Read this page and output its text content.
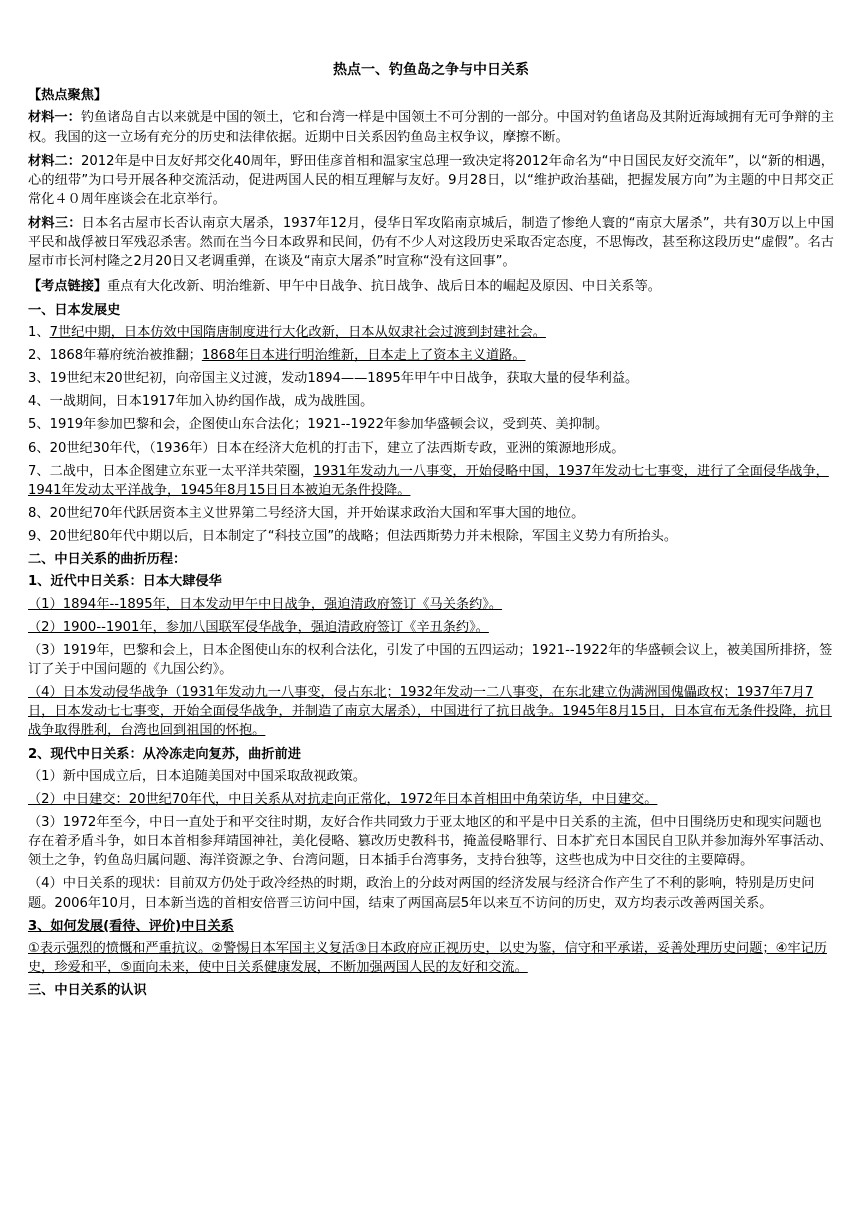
热点一、钓鱼岛之争与中日关系
【热点聚焦】

材料一：钓鱼诸岛自古以来就是中国的领土，它和台湾一样是中国领土不可分割的一部分。中国对钓鱼诸岛及其附近海域拥有无可争辩的主权。我国的这一立场有充分的历史和法律依据。近期中日关系因钓鱼岛主权争议，摩擦不断。

材料二：2012年是中日友好邦交化40周年，野田佳彦首相和温家宝总理一致决定将2012年命名为“中日国民友好交流年”，以“新的相遇，心的纽带”为口号开展各种交流活动，促进两国人民的相互理解与友好。9月28日，以“维护政治基础，把握发展方向”为主题的中日邦交正常化４０周年座谈会在北京举行。

材料三：日本名古屋市长否认南京大屠杀，1937年12月，侵华日军攻陷南京城后，制造了惨绝人寰的“南京大屠杀”，共有30万以上中国平民和战俘被日军残忍杀害。然而在当今日本政界和民间，仍有不少人对这段历史采取否定态度，不思悔改，甚至称这段历史“虚假”。名古屋市市长河村隆之2月20日又老调重弹，在谈及“南京大屠杀”时宣称“没有这回事”。

【考点链接】重点有大化改新、明治维新、甲午中日战争、抗日战争、战后日本的崛起及原因、中日关系等。

一、日本发展史
1、7世纪中期，日本仿效中国隋唐制度进行大化改新，日本从奴隶社会过渡到封建社会。
2、1868年幕府统治被推翻；1868年日本进行明治维新，日本走上了资本主义道路。
3、19世纪末20世纪初，向帝国主义过渡，发动1894——1895年甲午中日战争，获取大量的侵华利益。
4、一战期间，日本1917年加入协约国作战，成为战胜国。
5、1919年参加巴黎和会，企图使山东合法化；1921--1922年参加华盛顿会议，受到英、美抑制。
6、20世纪30年代，（1936年）日本在经济大危机的打击下，建立了法西斯专政，亚洲的策源地形成。
7、二战中，日本企图建立东亚一太平洋共荣圈，1931年发动九一八事变，开始侵略中国，1937年发动七七事变，进行了全面侵华战争，1941年发动太平洋战争，1945年8月15日日本被迫无条件投降。
8、20世纪70年代跃居资本主义世界第二号经济大国，并开始谋求政治大国和军事大国的地位。
9、20世纪80年代中期以后，日本制定了“科技立国”的战略；但法西斯势力并未根除，军国主义势力有所抬头。
二、中日关系的曲折历程：
1、近代中日关系：日本大肆侵华
（1）1894年--1895年，日本发动甲午中日战争，强迫清政府签订《马关条约》。
（2）1900--1901年，参加八国联军侵华战争，强迫清政府签订《辛丑条约》。
（3）1919年，巴黎和会上，日本企图使山东的权利合法化，引发了中国的五四运动；1921--1922年的华盛顿会议上，被美国所排挤，签订了关于中国问题的《九国公约》。
（4）日本发动侵华战争（1931年发动九一八事变，侵占东北；1932年发动一二八事变，在东北建立伪满洲国傀儡政权；1937年7月7日，日本发动七七事变，开始全面侵华战争，并制造了南京大屠杀），中国进行了抗日战争。1945年8月15日，日本宣布无条件投降，抗日战争取得胜利，台湾也回到祖国的怀抱。
2、现代中日关系：从冷冻走向复苏，曲折前进
（1）新中国成立后，日本追随美国对中国采取敌视政策。
（2）中日建交：20世纪70年代，中日关系从对抗走向正常化，1972年日本首相田中角荣访华，中日建交。
（3）1972年至今，中日一直处于和平交往时期，友好合作共同致力于亚太地区的和平是中日关系的主流，但中日围绕历史和现实问题也存在着矛盾斗争，如日本首相参拜靖国神社，美化侵略、篡改历史教科书，掩盖侵略罪行、日本扩充日本国民自卫队并参加海外军事活动、领土之争，钓鱼岛归属问题、海洋资源之争、台湾问题，日本插手台湾事务，支持台独等，这些也成为中日交往的主要障碍。
（4）中日关系的现状：目前双方仍处于政冷经热的时期，政治上的分歧对两国的经济发展与经济合作产生了不利的影响，特别是历史问题。2006年10月，日本新当选的首相安倍晋三访问中国，结束了两国高层5年以来互不访问的历史，双方均表示改善两国关系。
3、如何发展(看待、评价)中日关系
①表示强烈的愤慨和严重抗议。②警惕日本军国主义复活③日本政府应正视历史，以史为鉴，信守和平承诺，妥善处理历史问题；④牢记历史，珍爱和平，⑤面向未来，使中日关系健康发展，不断加强两国人民的友好和交流。
三、中日关系的认识
